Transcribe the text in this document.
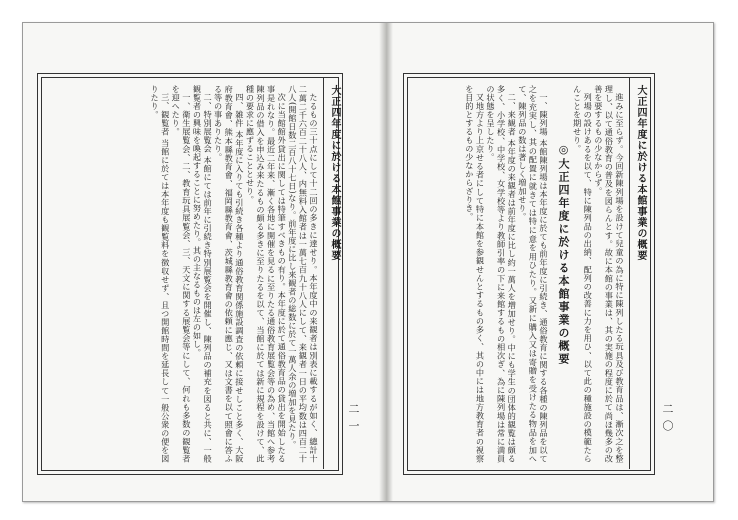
大正四年度に於ける本館事業の概要
二一

たるもの三十点にして十二回の多きに達せり。本年度中の来観者は別表に載するが如く、總計十二萬二千六百二十八人、内無料入館者は一萬七百九十八人にして、来観者一日の平均数は四百二十八人(開館日数二百八十七日)なり。前年度に比し来観者の総数に於て一萬人余の増加を見たり。

次に当館館外貸出に関しては特筆すべきもの有り。本年度に於て通俗教育品の貸出を開始したる事是れなり。最近二年来、漸く各地に開催を見るに至りたる通俗教育展覧会等の為め、当館へ参考陳列品の借入を申込み来たるもの頗る多きに至りたるを以て、当館に於ては新に規程を設けて、此種の要求に應ずることとせり。

四、雑件 本年度に入りても引続き各種より通俗教育関係施設調査の依頼に接せしこと多く、大阪府教育會、熊本縣教育會、福岡縣教育會、茨城縣教育會の依頼に應じ、又は文書を以て照會に答ふる等の事ありたり。

二、特別展覧会 本館にては前年に引続き特別展覧会を開催し、陳列品の補充を図ると共に、一般観覧者の興味を喚起することに努めたり。其の主なるものは左の如し。

一、衛生展覧会、二、教育玩具展覧会、三、天文に関する展覧会等にして、何れも多数の観覧者を迎へたり。

三、観覧者 当館に於ては本年度も観覧料を徴収せず、且つ開館時間を延長して一般公衆の便を図りたり。	大正四年度に於ける本館事業の概要
二〇

進みに至らず。今回新陳列場を設けて兒童の為に特に陳列したる玩具及び教育品は、漸次之を整理し、以て通俗教育の普及を図らんとす。故に本館の事業は、其の実施の程度に於て尚ほ幾多の改善を要するもの少なからず。

列場の設けあるを以て、特に陳列品の出納、配列の改善に力を用ひ、以て此の種施設の模範たらんことを期せり。

◎大正四年度に於ける本館事業の概要

一、陳列場 本館陳列場は本年度に於ても前年度に引続き、通俗教育に関する各種の陳列品を以て之を充実し、其の配置に就きては特に意を用ひたり。又新に購入又は寄贈を受けたる物品を加へて、陳列品の数は著しく増加せり。

二、来観者 本年度の来観者は前年度に比し約一萬人を増加せり。中にも学生の団体的観覧は頗る多く、小学校、中学校、女学校等より教師引率の下に来館するもの相次ぎ、為に陳列場は常に満員の状態を呈したり。

又地方より上京せる者にして特に本館を参観せんとするもの多く、其の中には地方教育者の視察を目的とするもの少なからざりき。
